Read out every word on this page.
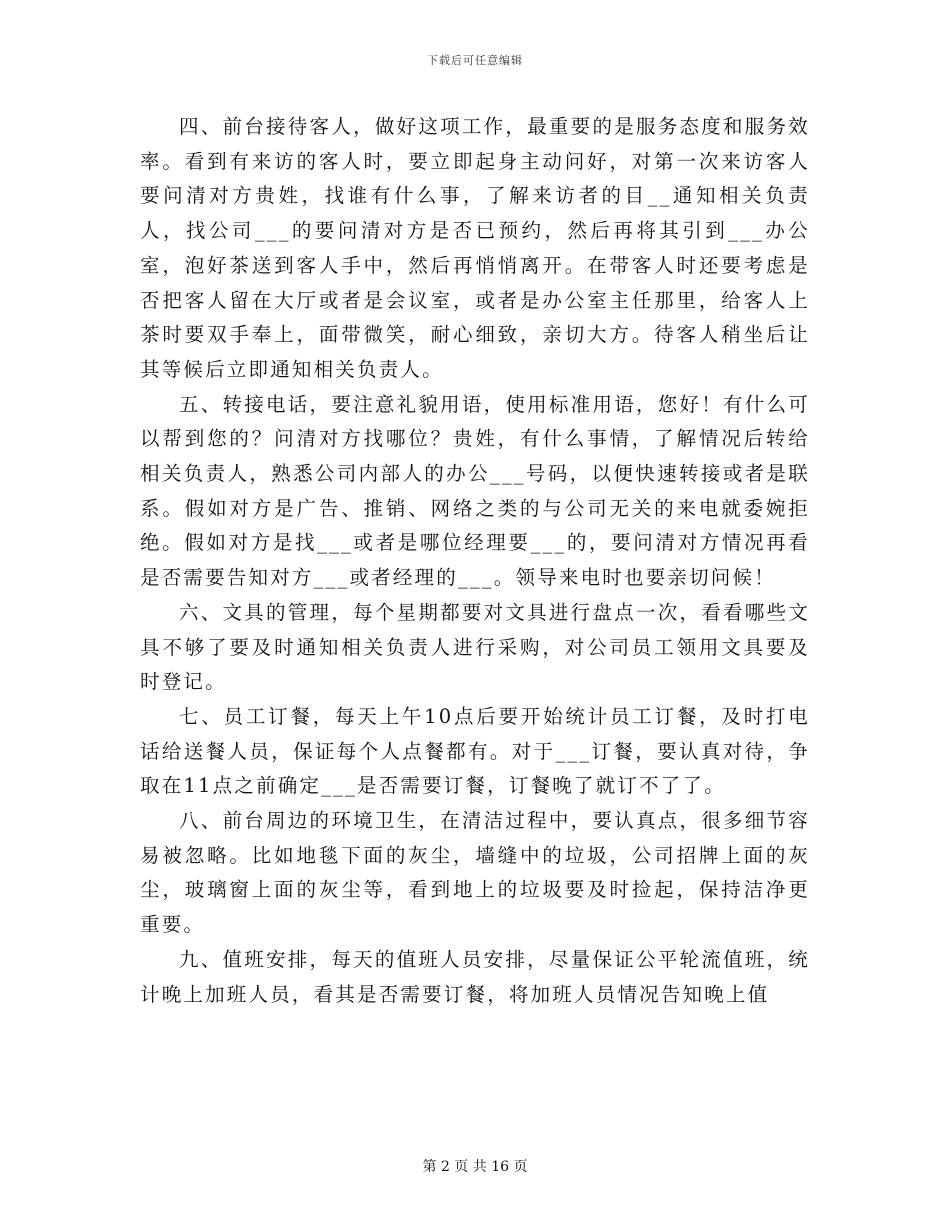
下载后可任意编辑

四、前台接待客人，做好这项工作，最重要的是服务态度和服务效率。看到有来访的客人时，要立即起身主动问好，对第一次来访客人要问清对方贵姓，找谁有什么事，了解来访者的目__通知相关负责人，找公司___的要问清对方是否已预约，然后再将其引到___办公室，泡好茶送到客人手中，然后再悄悄离开。在带客人时还要考虑是否把客人留在大厅或者是会议室，或者是办公室主任那里，给客人上茶时要双手奉上，面带微笑，耐心细致，亲切大方。待客人稍坐后让其等候后立即通知相关负责人。

五、转接电话，要注意礼貌用语，使用标准用语，您好！有什么可以帮到您的？问清对方找哪位？贵姓，有什么事情，了解情况后转给相关负责人，熟悉公司内部人的办公___号码，以便快速转接或者是联系。假如对方是广告、推销、网络之类的与公司无关的来电就委婉拒绝。假如对方是找___或者是哪位经理要___的，要问清对方情况再看是否需要告知对方___或者经理的___。领导来电时也要亲切问候！

六、文具的管理，每个星期都要对文具进行盘点一次，看看哪些文具不够了要及时通知相关负责人进行采购，对公司员工领用文具要及时登记。

七、员工订餐，每天上午10点后要开始统计员工订餐，及时打电话给送餐人员，保证每个人点餐都有。对于___订餐，要认真对待，争取在11点之前确定___是否需要订餐，订餐晚了就订不了了。

八、前台周边的环境卫生，在清洁过程中，要认真点，很多细节容易被忽略。比如地毯下面的灰尘，墙缝中的垃圾，公司招牌上面的灰尘，玻璃窗上面的灰尘等，看到地上的垃圾要及时捡起，保持洁净更重要。

九、值班安排，每天的值班人员安排，尽量保证公平轮流值班，统计晚上加班人员，看其是否需要订餐，将加班人员情况告知晚上值

第 2 页 共 16 页
